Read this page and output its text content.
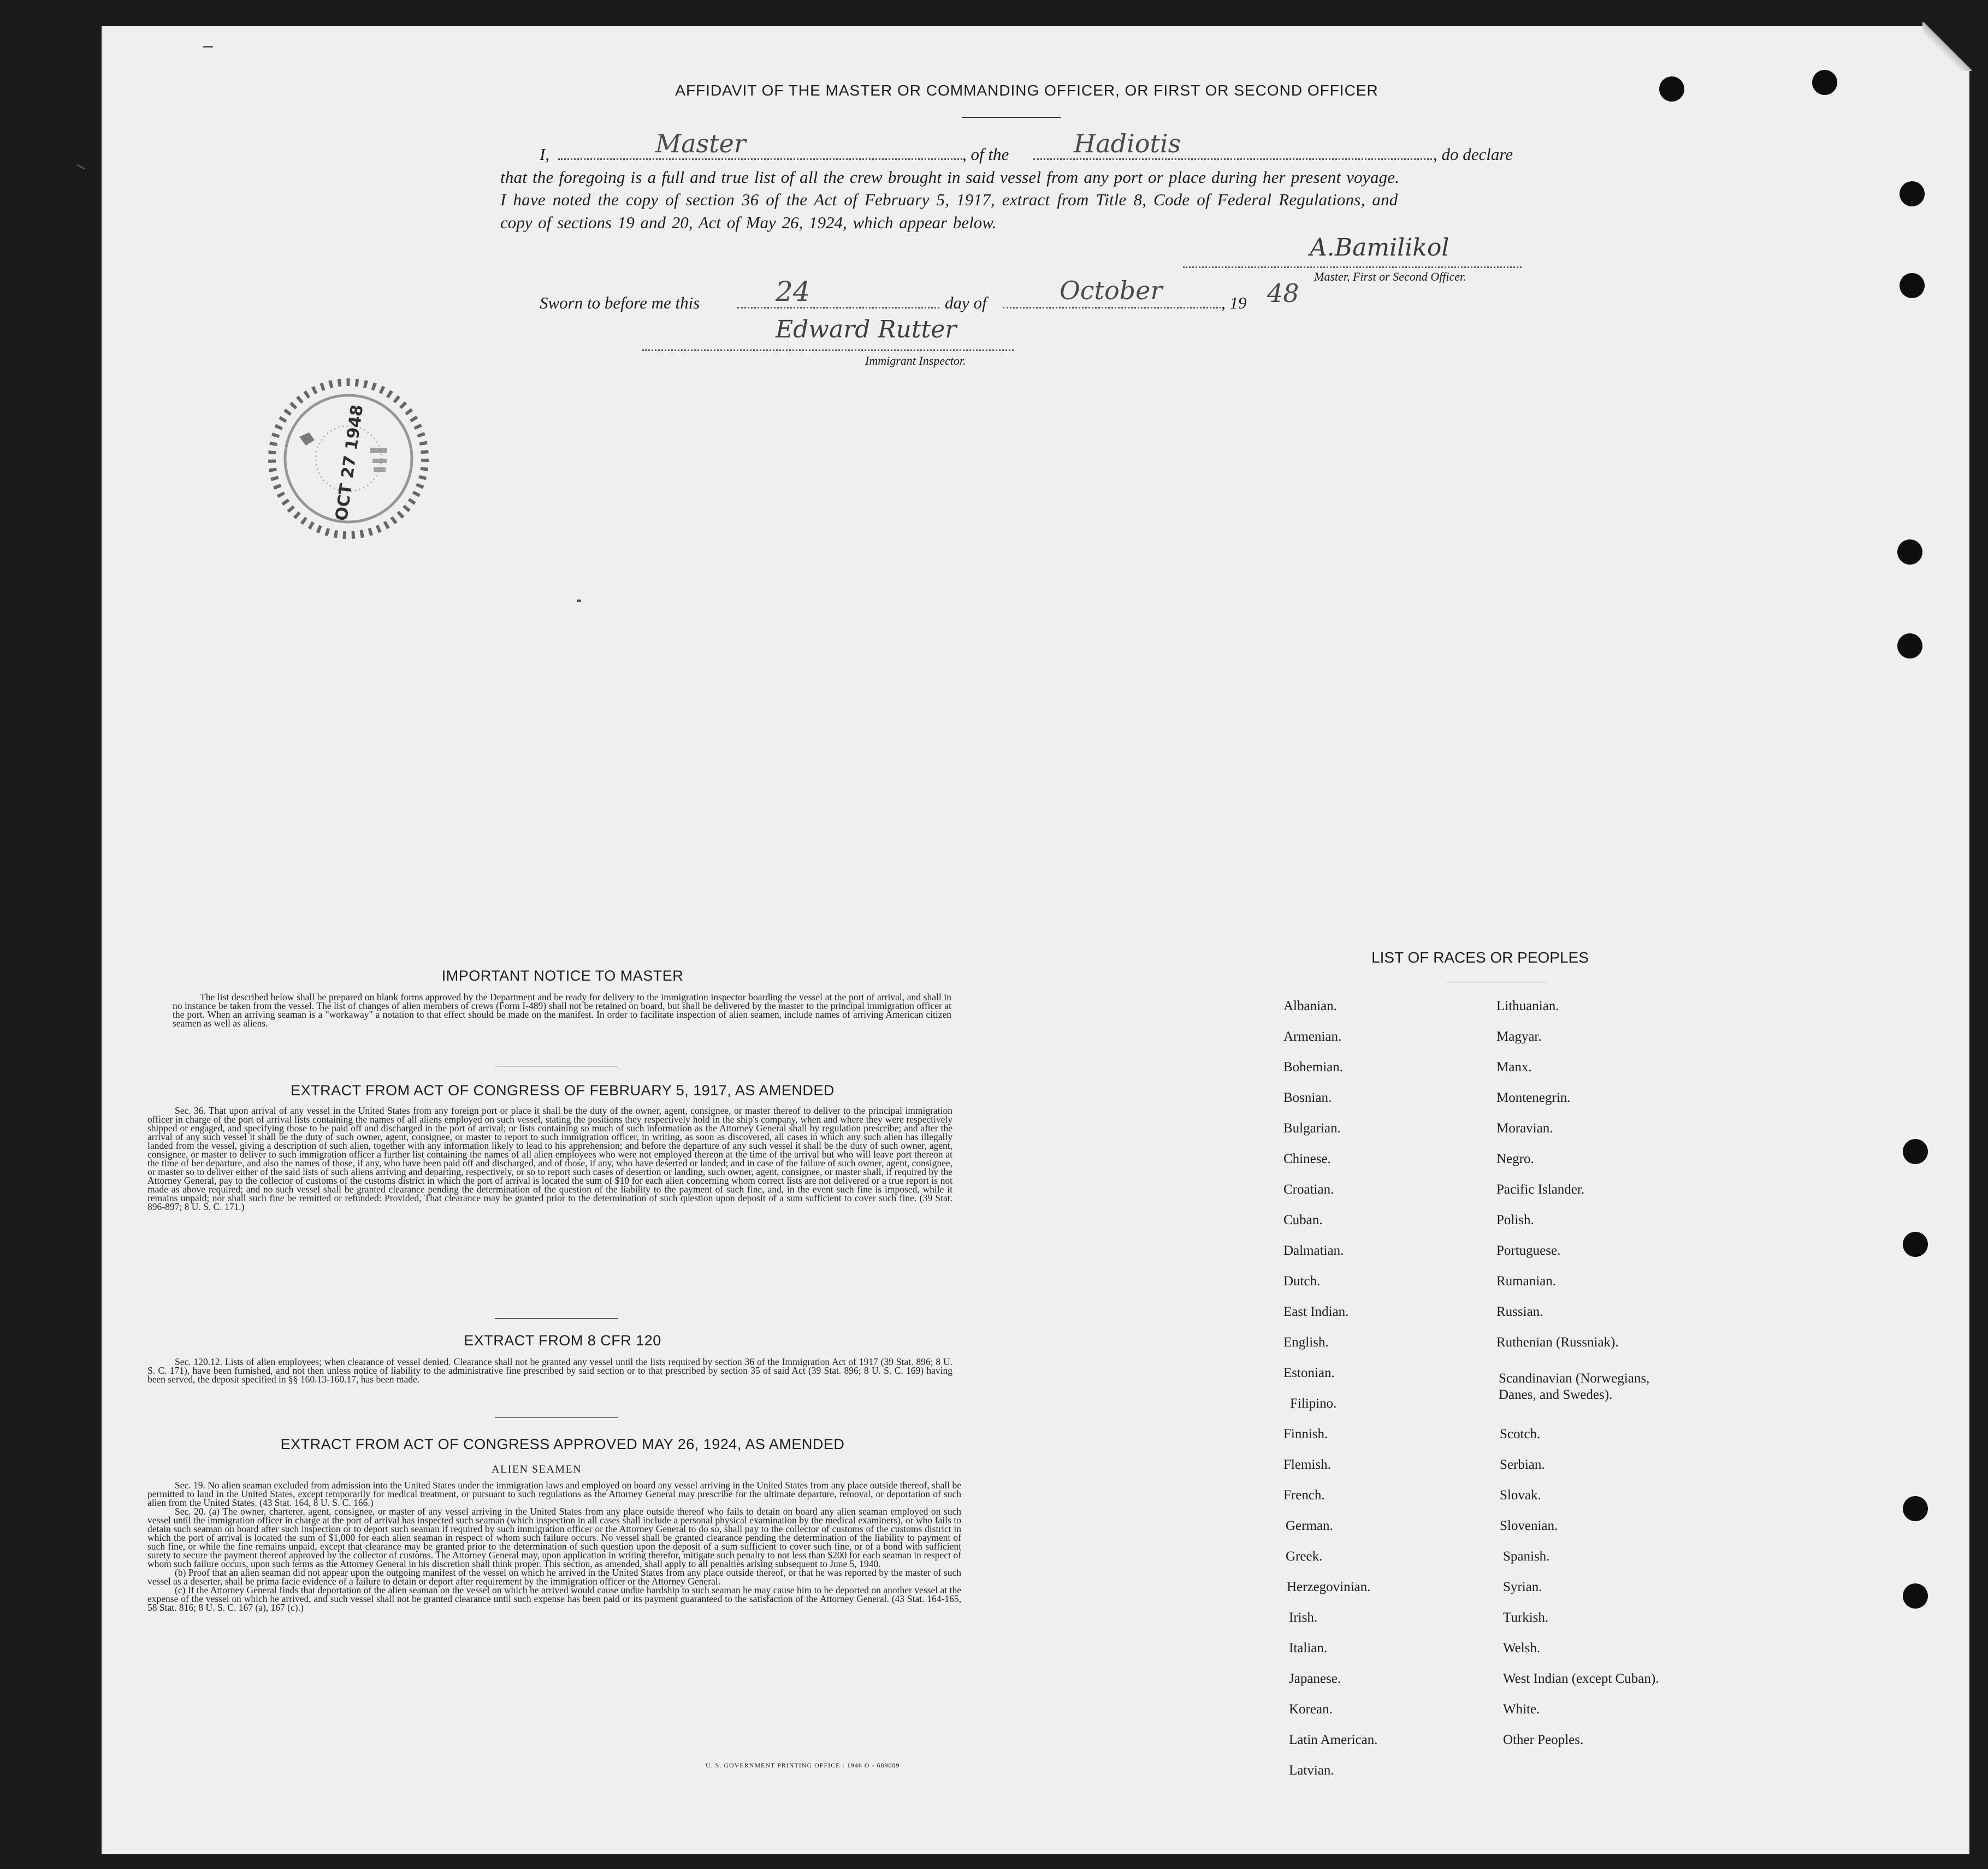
AFFIDAVIT OF THE MASTER OR COMMANDING OFFICER, OR FIRST OR SECOND OFFICER
I,	Master	, of the	Hadiotis	, do declare
that the foregoing is a full and true list of all the crew brought in said vessel from any port or place during her present voyage.
I have noted the copy of section 36 of the Act of February 5, 1917, extract from Title 8, Code of Federal Regulations, and
copy of sections 19 and 20, Act of May 26, 1924, which appear below.
A.Bamilikol
Master, First or Second Officer.
Sworn to before me this	24	day of	October	, 19 48
Edward Rutter
Immigrant Inspector.
OCT 27 1948
IMPORTANT NOTICE TO MASTER

The list described below shall be prepared on blank forms approved by the Department and be ready for delivery to the immigration inspector boarding the vessel at the port of arrival, and shall in no instance be taken from the vessel. The list of changes of alien members of crews (Form I-489) shall not be retained on board, but shall be delivered by the master to the principal immigration officer at the port. When an arriving seaman is a "workaway" a notation to that effect should be made on the manifest. In order to facilitate inspection of alien seamen, include names of arriving American citizen seamen as well as aliens.

EXTRACT FROM ACT OF CONGRESS OF FEBRUARY 5, 1917, AS AMENDED

Sec. 36. That upon arrival of any vessel in the United States from any foreign port or place it shall be the duty of the owner, agent, consignee, or master thereof to deliver to the principal immigration officer in charge of the port of arrival lists containing the names of all aliens employed on such vessel, stating the positions they respectively hold in the ship's company, when and where they were respectively shipped or engaged, and specifying those to be paid off and discharged in the port of arrival; or lists containing so much of such information as the Attorney General shall by regulation prescribe; and after the arrival of any such vessel it shall be the duty of such owner, agent, consignee, or master to report to such immigration officer, in writing, as soon as discovered, all cases in which any such alien has illegally landed from the vessel, giving a description of such alien, together with any information likely to lead to his apprehension; and before the departure of any such vessel it shall be the duty of such owner, agent, consignee, or master to deliver to such immigration officer a further list containing the names of all alien employees who were not employed thereon at the time of the arrival but who will leave port thereon at the time of her departure, and also the names of those, if any, who have been paid off and discharged, and of those, if any, who have deserted or landed; and in case of the failure of such owner, agent, consignee, or master so to deliver either of the said lists of such aliens arriving and departing, respectively, or so to report such cases of desertion or landing, such owner, agent, consignee, or master shall, if required by the Attorney General, pay to the collector of customs of the customs district in which the port of arrival is located the sum of $10 for each alien concerning whom correct lists are not delivered or a true report is not made as above required; and no such vessel shall be granted clearance pending the determination of the question of the liability to the payment of such fine, and, in the event such fine is imposed, while it remains unpaid; nor shall such fine be remitted or refunded: Provided, That clearance may be granted prior to the determination of such question upon deposit of a sum sufficient to cover such fine. (39 Stat. 896-897; 8 U. S. C. 171.)

EXTRACT FROM 8 CFR 120

Sec. 120.12. Lists of alien employees; when clearance of vessel denied. Clearance shall not be granted any vessel until the lists required by section 36 of the Immigration Act of 1917 (39 Stat. 896; 8 U. S. C. 171), have been furnished, and not then unless notice of liability to the administrative fine prescribed by said section or to that prescribed by section 35 of said Act (39 Stat. 896; 8 U. S. C. 169) having been served, the deposit specified in §§ 160.13-160.17, has been made.

EXTRACT FROM ACT OF CONGRESS APPROVED MAY 26, 1924, AS AMENDED
ALIEN SEAMEN

Sec. 19. No alien seaman excluded from admission into the United States under the immigration laws and employed on board any vessel arriving in the United States from any place outside thereof, shall be permitted to land in the United States, except temporarily for medical treatment, or pursuant to such regulations as the Attorney General may prescribe for the ultimate departure, removal, or deportation of such alien from the United States. (43 Stat. 164, 8 U. S. C. 166.)

Sec. 20. (a) The owner, charterer, agent, consignee, or master of any vessel arriving in the United States from any place outside thereof who fails to detain on board any alien seaman employed on such vessel until the immigration officer in charge at the port of arrival has inspected such seaman (which inspection in all cases shall include a personal physical examination by the medical examiners), or who fails to detain such seaman on board after such inspection or to deport such seaman if required by such immigration officer or the Attorney General to do so, shall pay to the collector of customs of the customs district in which the port of arrival is located the sum of $1,000 for each alien seaman in respect of whom such failure occurs. No vessel shall be granted clearance pending the determination of the liability to payment of such fine, or while the fine remains unpaid, except that clearance may be granted prior to the determination of such question upon the deposit of a sum sufficient to cover such fine, or of a bond with sufficient surety to secure the payment thereof approved by the collector of customs. The Attorney General may, upon application in writing therefor, mitigate such penalty to not less than $200 for each seaman in respect of whom such failure occurs, upon such terms as the Attorney General in his discretion shall think proper. This section, as amended, shall apply to all penalties arising subsequent to June 5, 1940.

(b) Proof that an alien seaman did not appear upon the outgoing manifest of the vessel on which he arrived in the United States from any place outside thereof, or that he was reported by the master of such vessel as a deserter, shall be prima facie evidence of a failure to detain or deport after requirement by the immigration officer or the Attorney General.

(c) If the Attorney General finds that deportation of the alien seaman on the vessel on which he arrived would cause undue hardship to such seaman he may cause him to be deported on another vessel at the expense of the vessel on which he arrived, and such vessel shall not be granted clearance until such expense has been paid or its payment guaranteed to the satisfaction of the Attorney General. (43 Stat. 164-165, 58 Stat. 816; 8 U. S. C. 167 (a), 167 (c).)

U. S. GOVERNMENT PRINTING OFFICE : 1946 O - 689089
LIST OF RACES OR PEOPLES
Albanian.
Armenian.
Bohemian.
Bosnian.
Bulgarian.
Chinese.
Croatian.
Cuban.
Dalmatian.
Dutch.
East Indian.
English.
Estonian.
Filipino.
Finnish.
Flemish.
French.
German.
Greek.
Herzegovinian.
Irish.
Italian.
Japanese.
Korean.
Latin American.
Latvian.
Lithuanian.
Magyar.
Manx.
Montenegrin.
Moravian.
Negro.
Pacific Islander.
Polish.
Portuguese.
Rumanian.
Russian.
Ruthenian (Russniak).
Scandinavian (Norwegians,
Danes, and Swedes).
Scotch.
Serbian.
Slovak.
Slovenian.
Spanish.
Syrian.
Turkish.
Welsh.
West Indian (except Cuban).
White.
Other Peoples.
